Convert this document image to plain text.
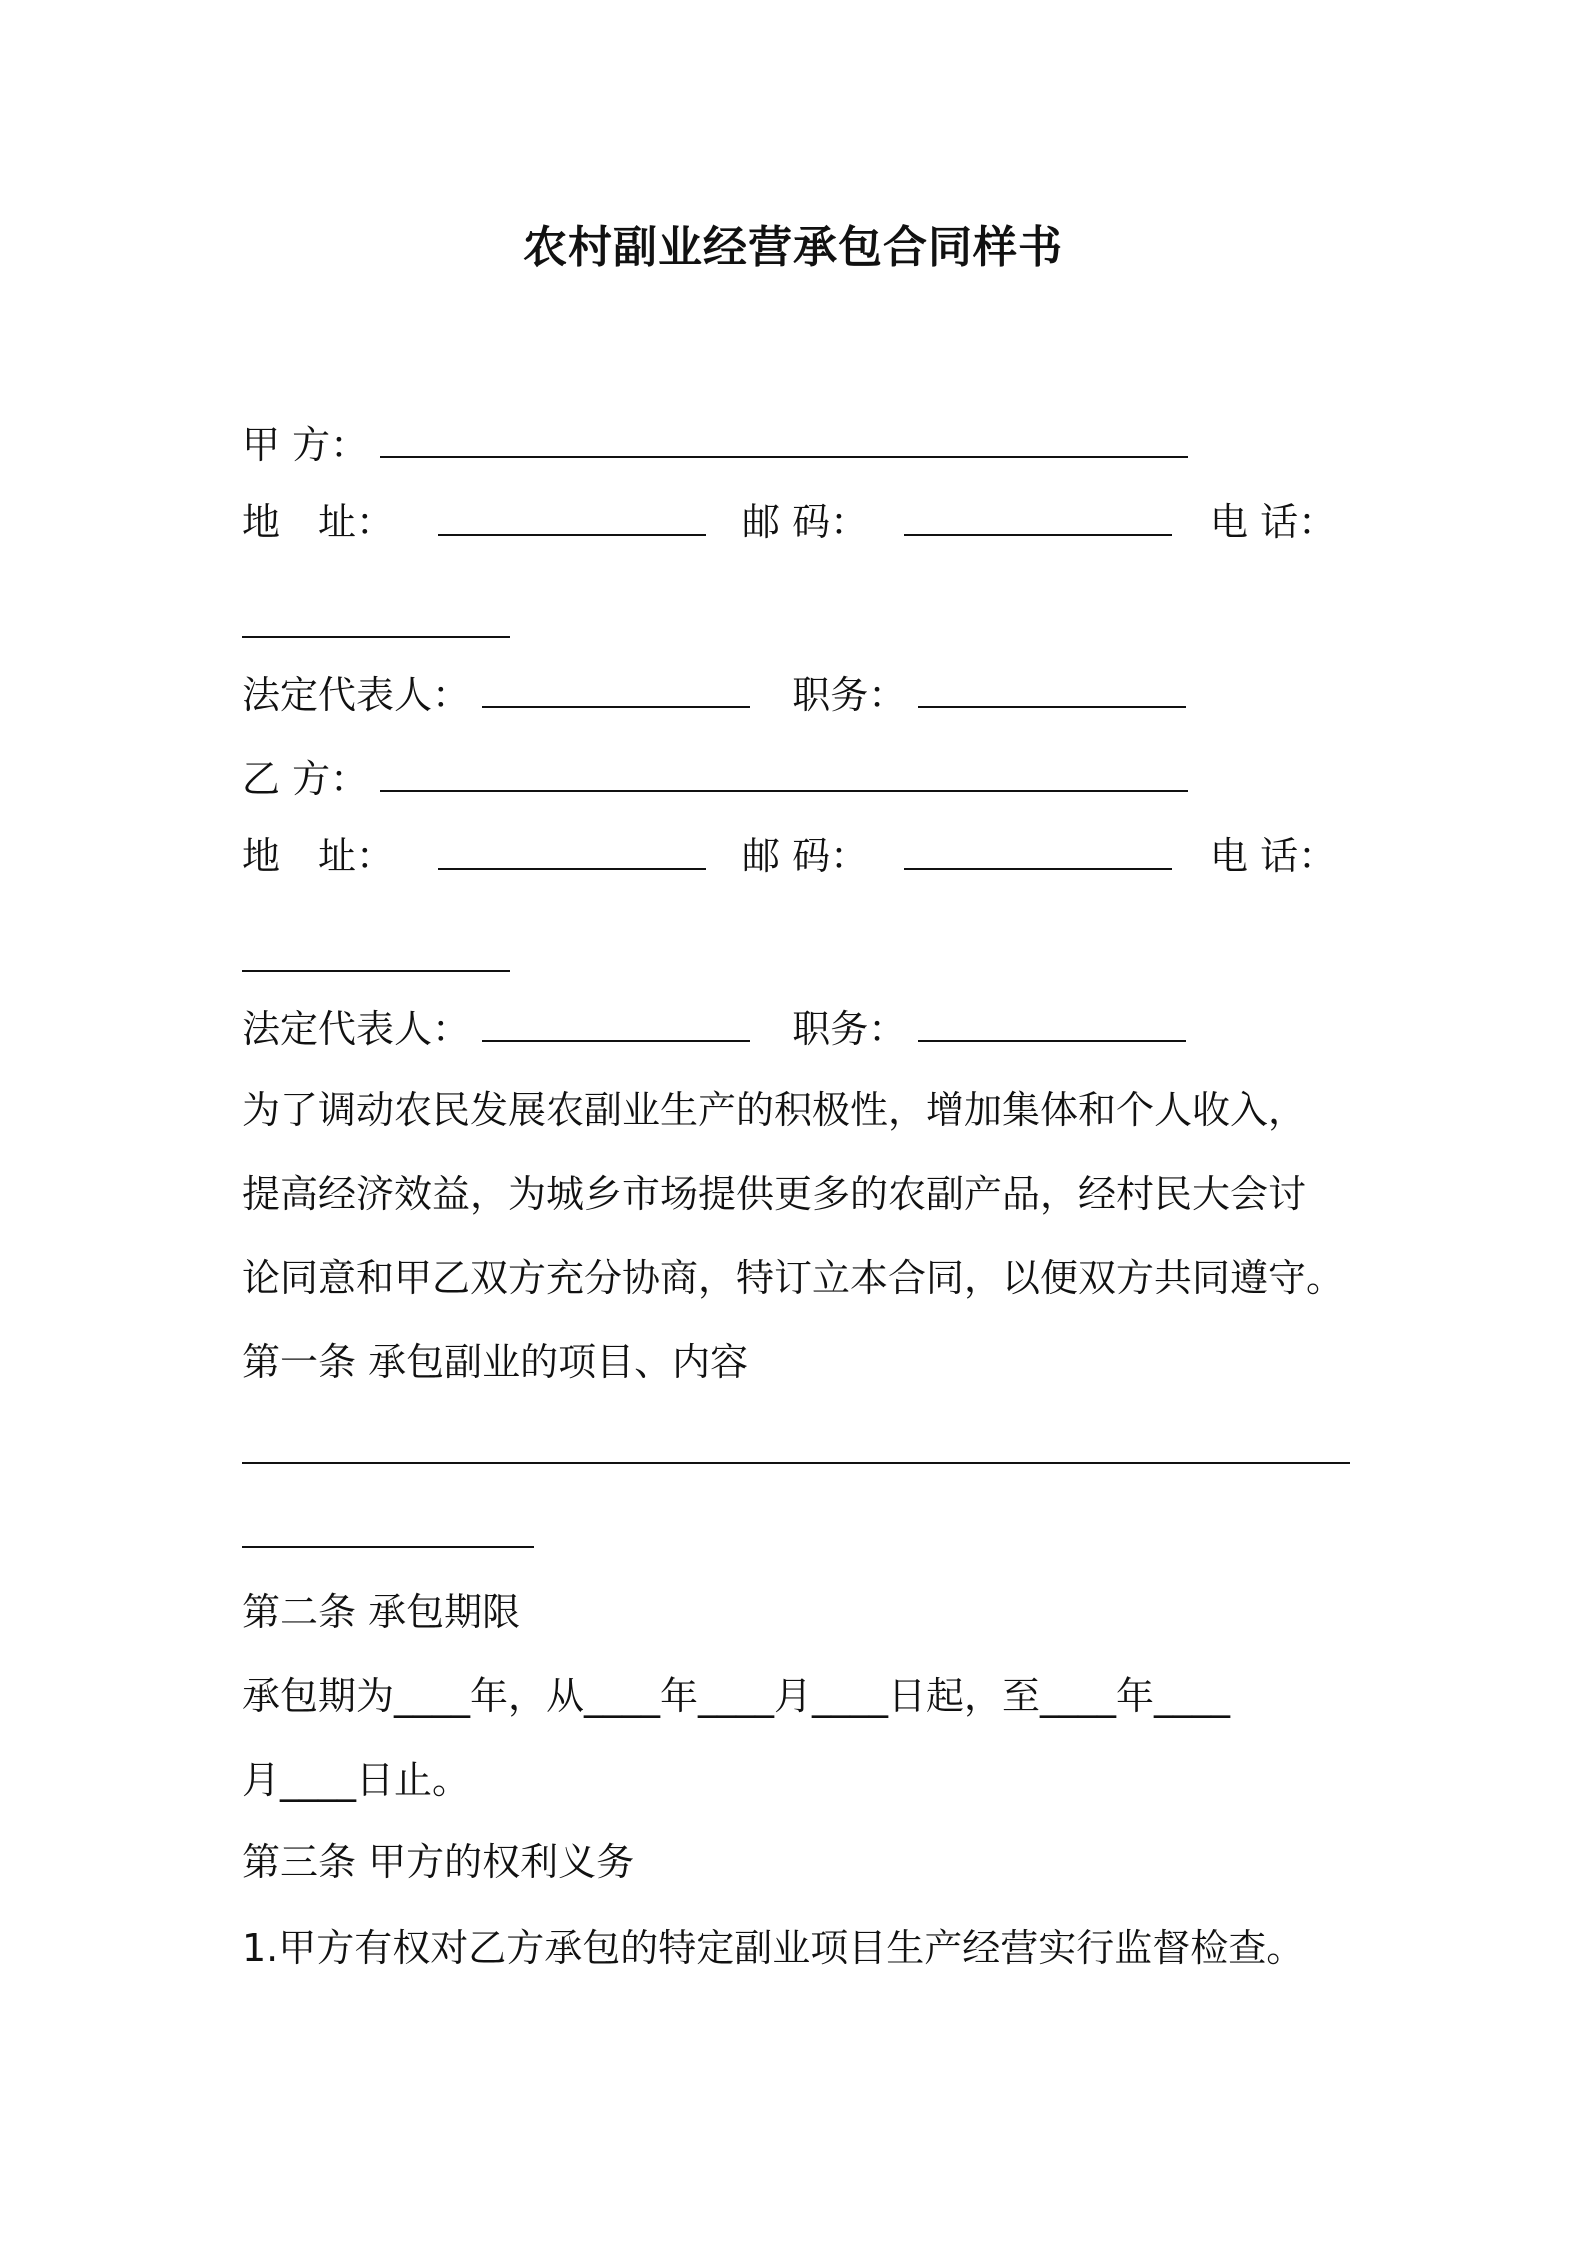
农村副业经营承包合同样书
甲 方：
地　址：	邮 码：	电 话：
法定代表人：	职务：
乙 方：
地　址：	邮 码：	电 话：
法定代表人：	职务：
为了调动农民发展农副业生产的积极性，增加集体和个人收入，
提高经济效益，为城乡市场提供更多的农副产品，经村民大会讨
论同意和甲乙双方充分协商，特订立本合同，以便双方共同遵守。
第一条 承包副业的项目、内容
第二条 承包期限
承包期为____年，从____年____月____日起，至____年____
月____日止。
第三条 甲方的权利义务
1.甲方有权对乙方承包的特定副业项目生产经营实行监督检查。
